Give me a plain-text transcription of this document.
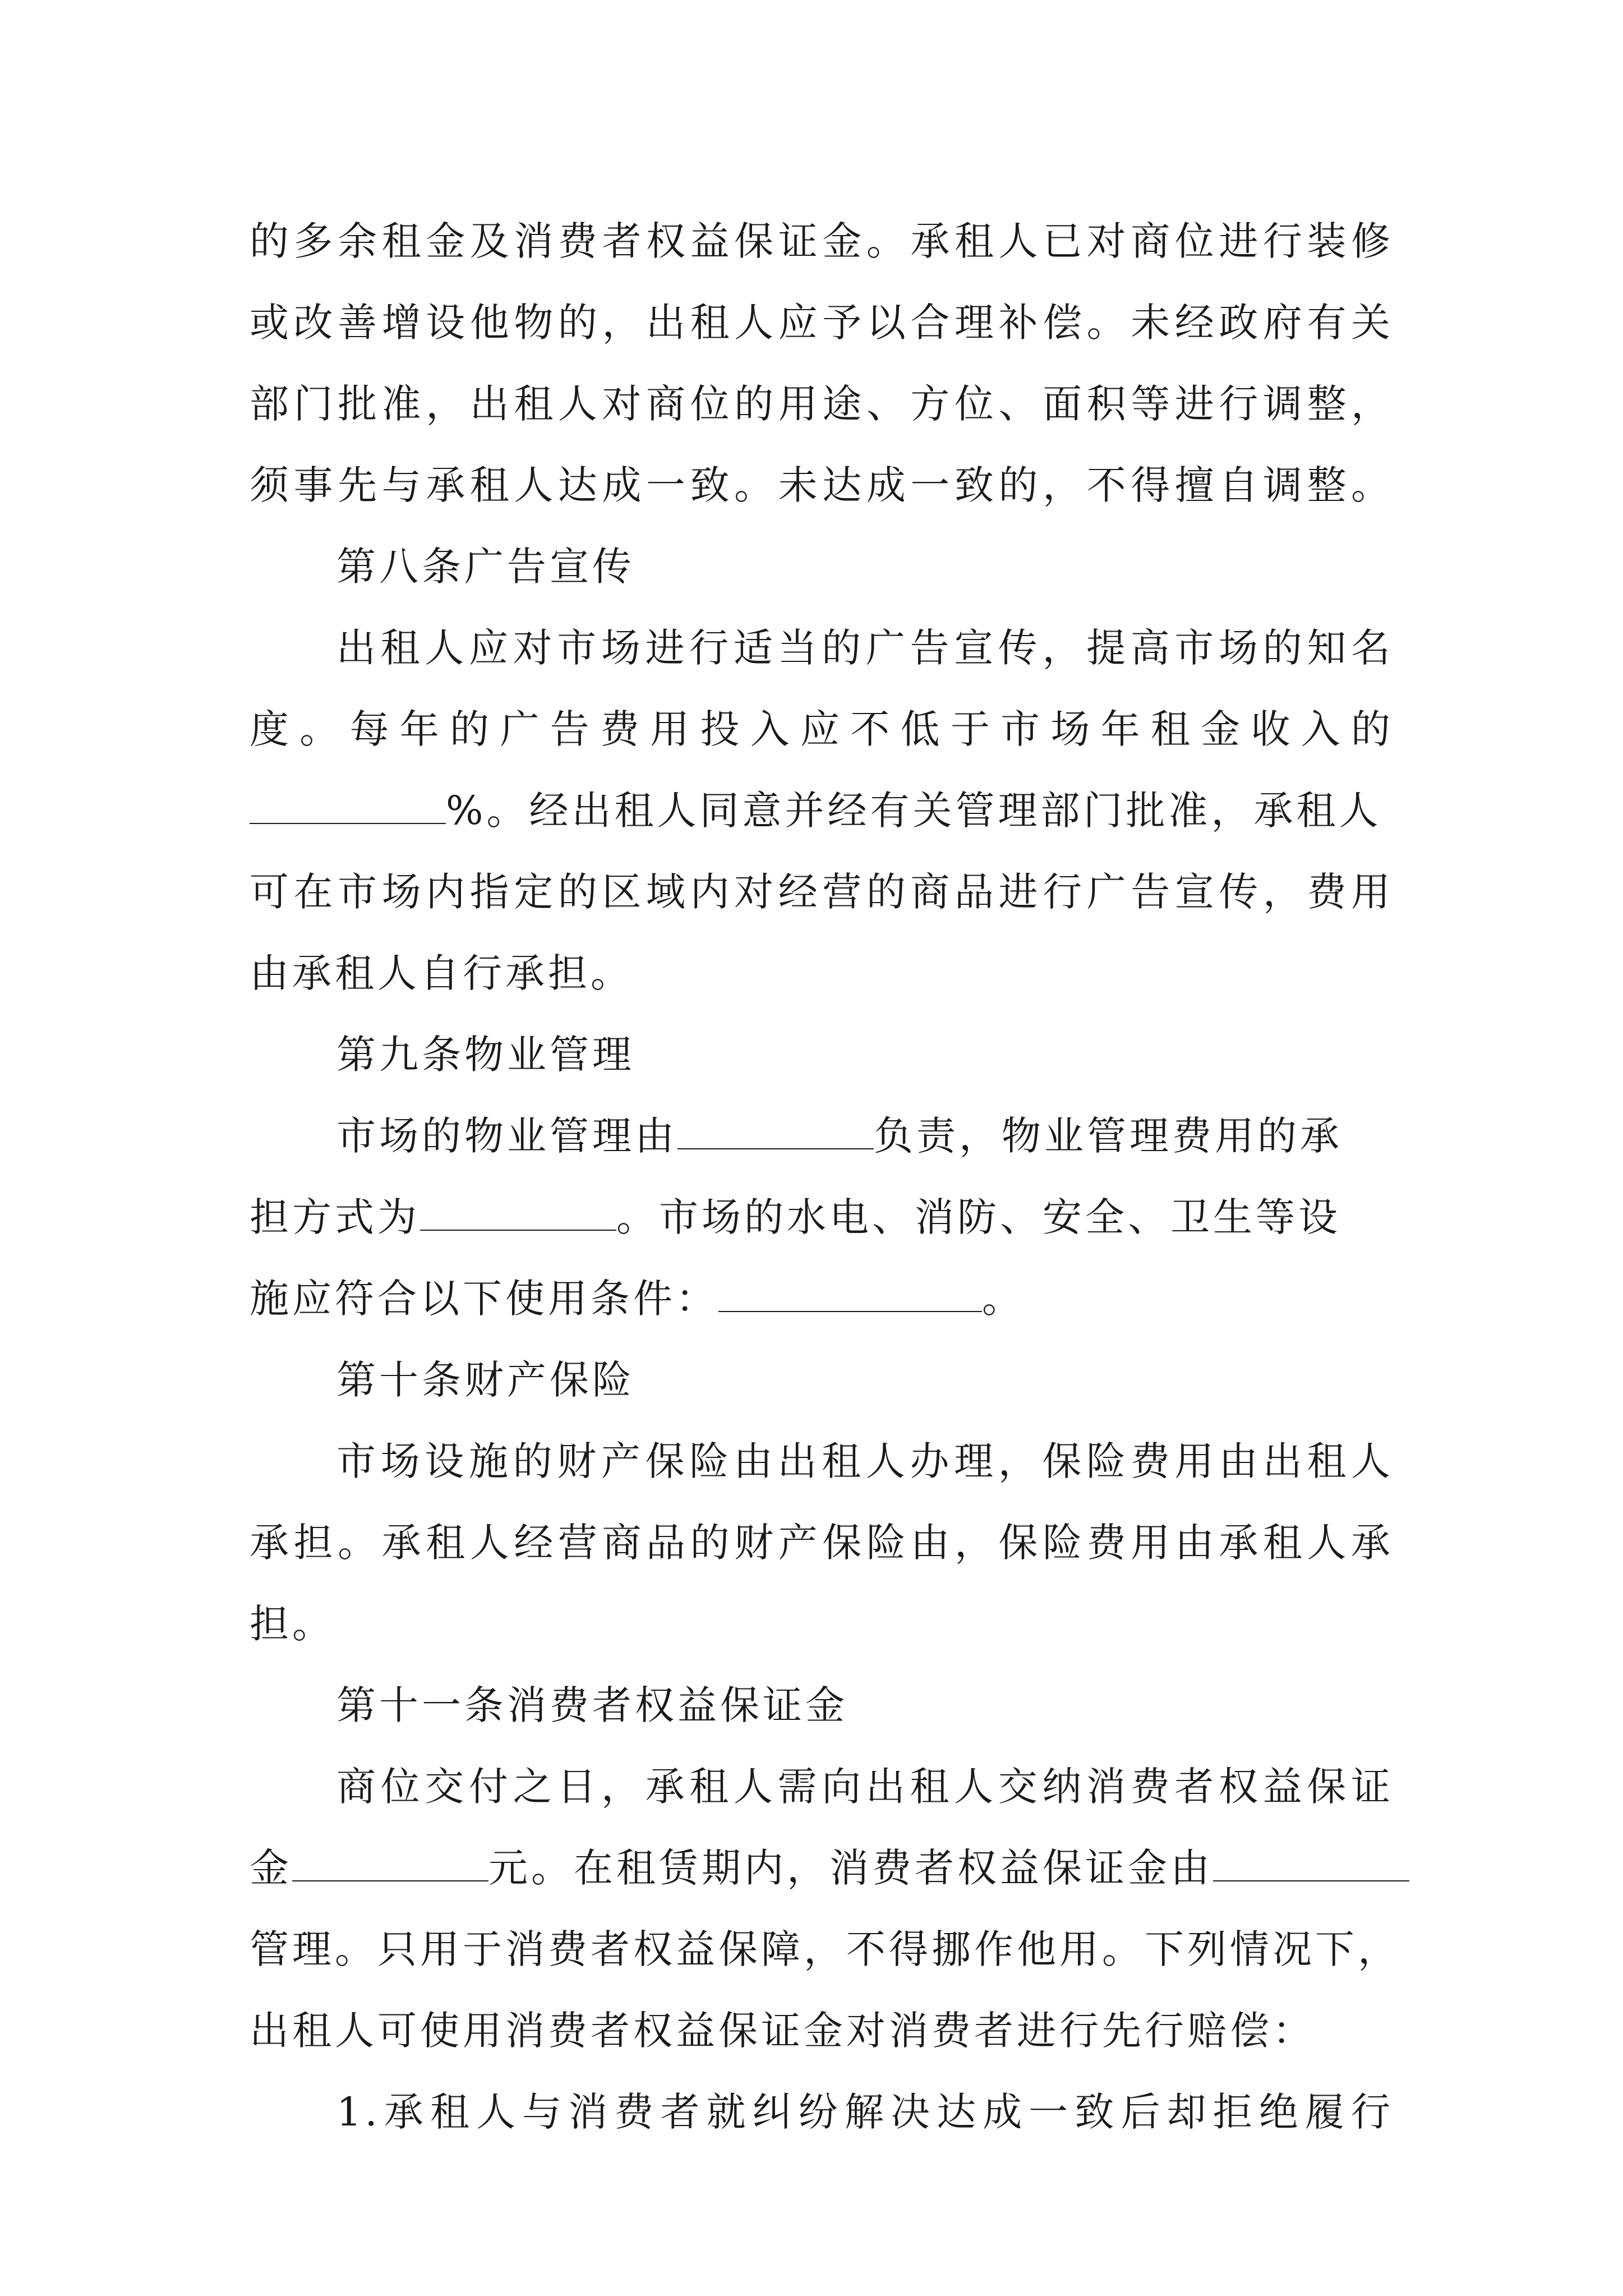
的多余租金及消费者权益保证金。承租人已对商位进行装修
或改善增设他物的，出租人应予以合理补偿。未经政府有关
部门批准，出租人对商位的用途、方位、面积等进行调整，
须事先与承租人达成一致。未达成一致的，不得擅自调整。
第八条广告宣传
出租人应对市场进行适当的广告宣传，提高市场的知名
度。每年的广告费用投入应不低于市场年租金收入的
%。经出租人同意并经有关管理部门批准，承租人
可在市场内指定的区域内对经营的商品进行广告宣传，费用
由承租人自行承担。
第九条物业管理
市场的物业管理由	负责，物业管理费用的承
担方式为	。市场的水电、消防、安全、卫生等设
施应符合以下使用条件：	。
第十条财产保险
市场设施的财产保险由出租人办理，保险费用由出租人
承担。承租人经营商品的财产保险由，保险费用由承租人承
担。
第十一条消费者权益保证金
商位交付之日，承租人需向出租人交纳消费者权益保证
金	元。在租赁期内，消费者权益保证金由
管理。只用于消费者权益保障，不得挪作他用。下列情况下，
出租人可使用消费者权益保证金对消费者进行先行赔偿：
1.承租人与消费者就纠纷解决达成一致后却拒绝履行
